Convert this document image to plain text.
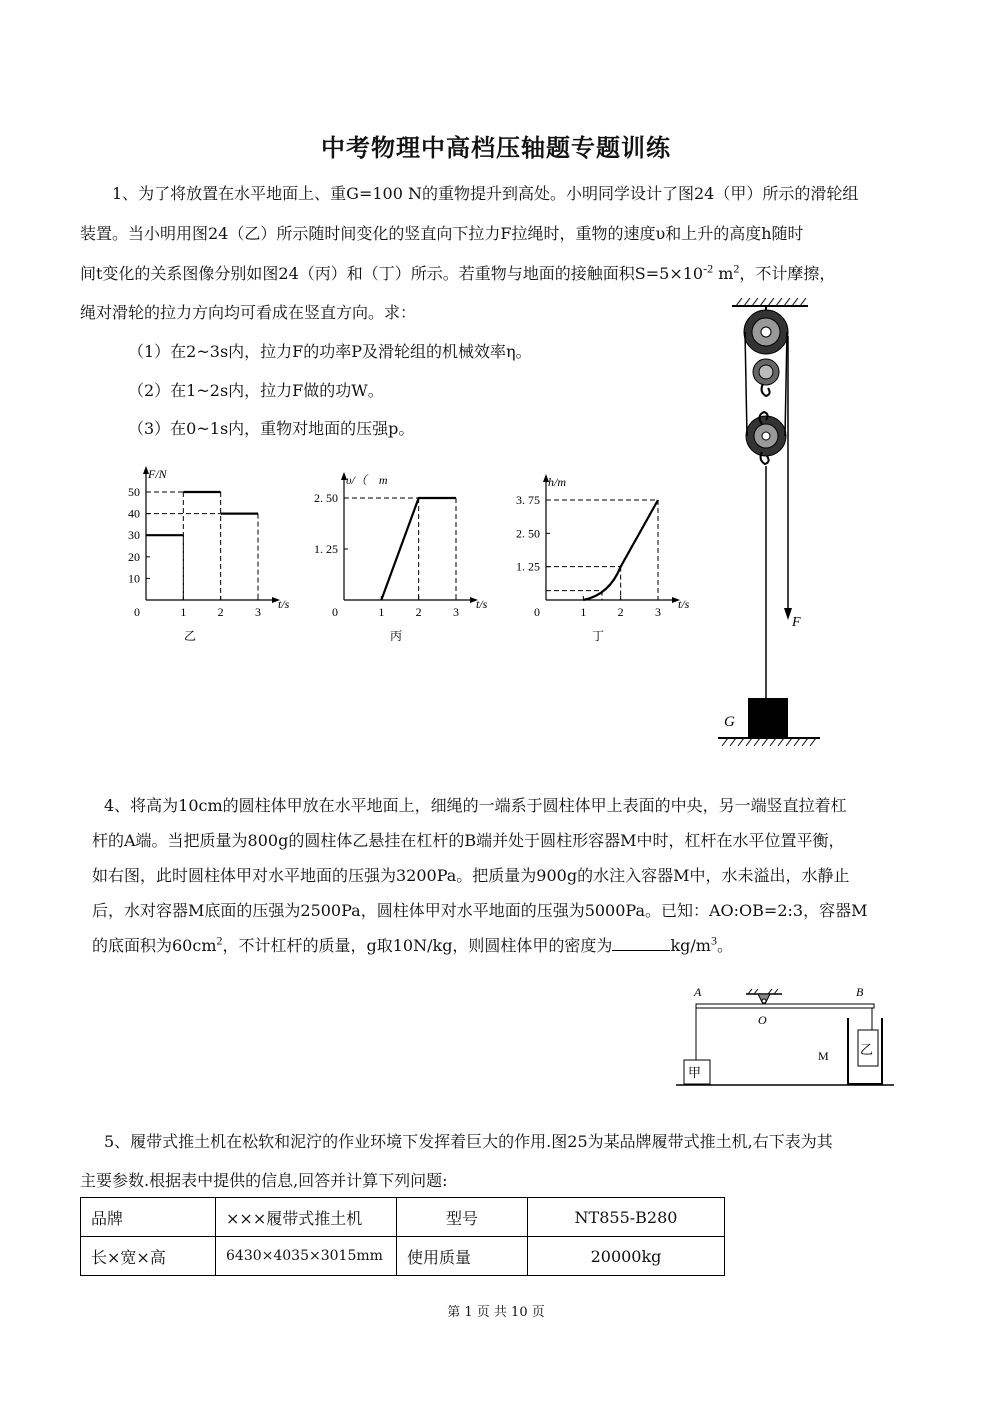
中考物理中高档压轴题专题训练
1、为了将放置在水平地面上、重G=100 N的重物提升到高处。小明同学设计了图24（甲）所示的滑轮组
装置。当小明用图24（乙）所示随时间变化的竖直向下拉力F拉绳时，重物的速度υ和上升的高度h随时
间t变化的关系图像分别如图24（丙）和（丁）所示。若重物与地面的接触面积$S=5\times 10^{-2}$ $m^2$，不计摩擦，
绳对滑轮的拉力方向均可看成在竖直方向。求：
（1）在2~3s内，拉力F的功率P及滑轮组的机械效率η。
（2）在1~2s内，拉力F做的功W。
（3）在0~1s内，重物对地面的压强p。
F/N
t/s
0
乙
1	2	3
10
20
30
40
50
υ/（　m
t/s
0
丙
1	2	3
1. 25
2. 50
h/m
t/s
0
丁
1	2	3
1. 25
2. 50
3. 75
F
G
4、将高为10cm的圆柱体甲放在水平地面上，细绳的一端系于圆柱体甲上表面的中央，另一端竖直拉着杠
杆的A端。当把质量为800g的圆柱体乙悬挂在杠杆的B端并处于圆柱形容器M中时，杠杆在水平位置平衡，
如右图，此时圆柱体甲对水平地面的压强为3200Pa。把质量为900g的水注入容器M中，水未溢出，水静止
后，水对容器M底面的压强为2500Pa，圆柱体甲对水平地面的压强为5000Pa。已知：AO:OB=2:3，容器M
的底面积为$60cm^2$，不计杠杆的质量，g取10N/kg，则圆柱体甲的密度为	$kg/m^3$。
A	B
O
甲
乙
M
5、履带式推土机在松软和泥泞的作业环境下发挥着巨大的作用.图25为某品牌履带式推土机,右下表为其
主要参数.根据表中提供的信息,回答并计算下列问题:
品牌	×××履带式推土机	型号	NT855-B280
长×宽×高	6430×4035×3015mm	使用质量	20000kg
第 1 页 共 10 页
